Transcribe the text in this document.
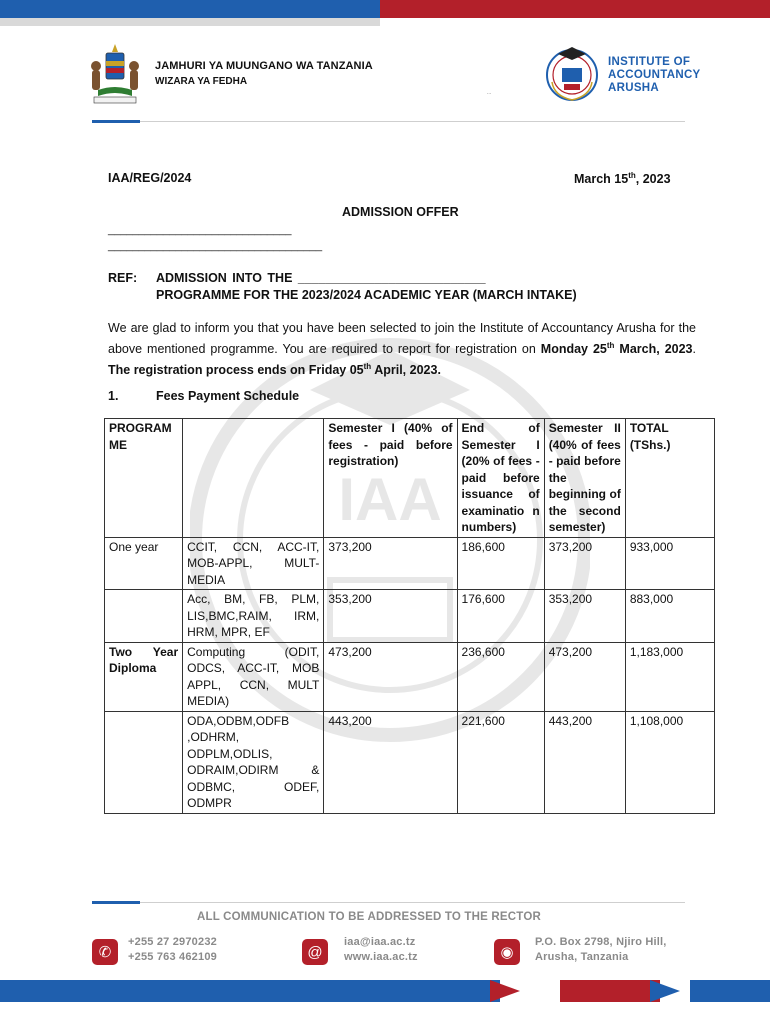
JAMHURI YA MUUNGANO WA TANZANIA
WIZARA YA FEDHA
...
INSTITUTE OF
ACCOUNTANCY
ARUSHA
IAA
IAA/REG/2024	March 15th, 2023
ADMISSION OFFER
______________________________
___________________________________
REF: ADMISSION INTO THE ___________________________
PROGRAMME FOR THE 2023/2024 ACADEMIC YEAR (MARCH INTAKE)
We are glad to inform you that you have been selected to join the Institute of Accountancy Arusha for the above mentioned programme. You are required to report for registration on Monday 25th March, 2023. The registration process ends on Friday 05th April, 2023.
1.	Fees Payment Schedule
PROGRAM ME		Semester I (40% of fees - paid before registration)	End of Semester I (20% of fees - paid before issuance of examinatio n numbers)	Semester II (40% of fees - paid before the beginning of the second semester)	TOTAL (TShs.)
One year	CCIT, CCN, ACC-IT, MOB-APPL, MULT-MEDIA	373,200	186,600	373,200	933,000
	Acc, BM, FB, PLM, LIS,BMC,RAIM, IRM, HRM, MPR, EF	353,200	176,600	353,200	883,000
Two Year Diploma	Computing (ODIT, ODCS, ACC-IT, MOB APPL, CCN, MULT MEDIA)	473,200	236,600	473,200	1,183,000
	ODA,ODBM,ODFB ,ODHRM, ODPLM,ODLIS, ODRAIM,ODIRM & ODBMC, ODEF, ODMPR	443,200	221,600	443,200	1,108,000
ALL COMMUNICATION TO BE ADDRESSED TO THE RECTOR
✆
+255 27 2970232
+255 763 462109	@
iaa@iaa.ac.tz
www.iaa.ac.tz	◉
P.O. Box 2798, Njiro Hill,
Arusha, Tanzania
